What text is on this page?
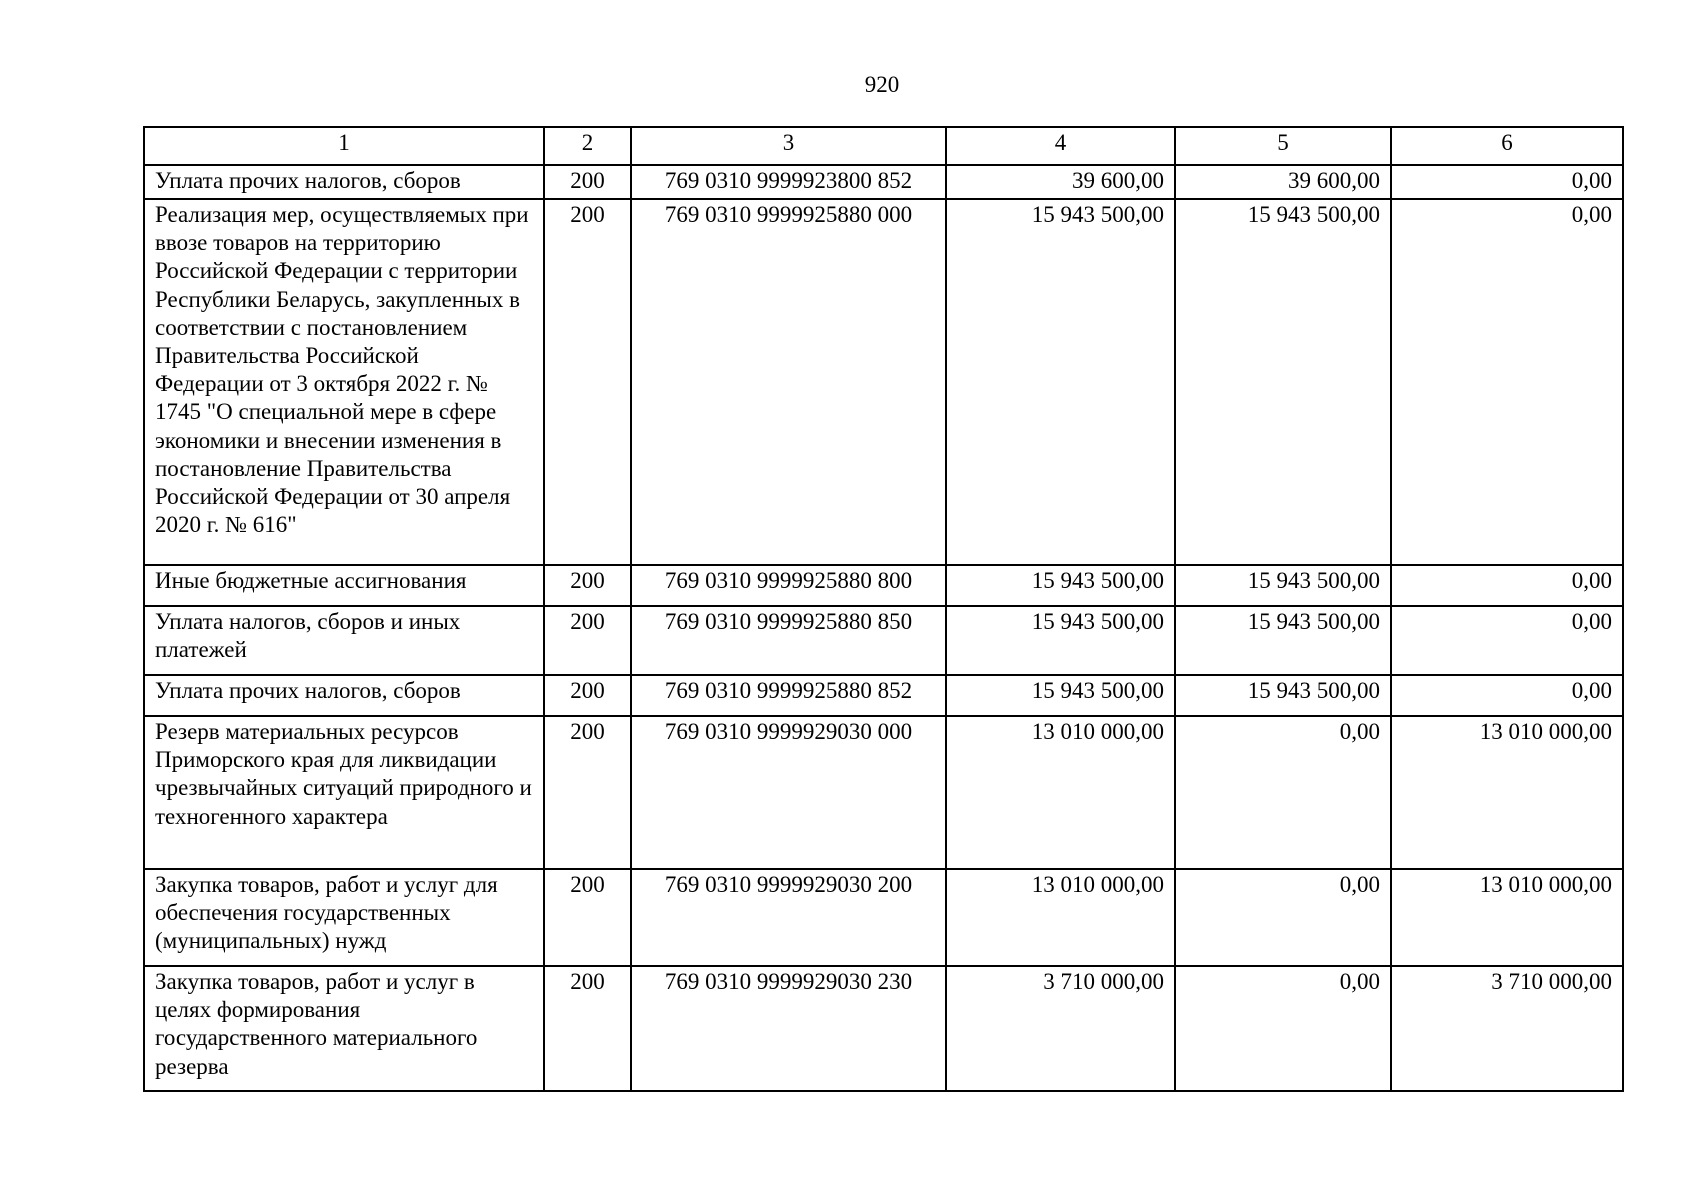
920
1	2	3	4	5	6
Уплата прочих налогов, сборов	200	769 0310 9999923800 852	39 600,00	39 600,00	0,00
Реализация мер, осуществляемых при ввозе товаров на территорию Российской Федерации с территории Республики Беларусь, закупленных в соответствии с постановлением Правительства Российской Федерации от 3 октября 2022 г. № 1745 "О специальной мере в сфере экономики и внесении изменения в постановление Правительства Российской Федерации от 30 апреля 2020 г. № 616"	200	769 0310 9999925880 000	15 943 500,00	15 943 500,00	0,00
Иные бюджетные ассигнования	200	769 0310 9999925880 800	15 943 500,00	15 943 500,00	0,00
Уплата налогов, сборов и иных платежей	200	769 0310 9999925880 850	15 943 500,00	15 943 500,00	0,00
Уплата прочих налогов, сборов	200	769 0310 9999925880 852	15 943 500,00	15 943 500,00	0,00
Резерв материальных ресурсов Приморского края для ликвидации чрезвычайных ситуаций природного и техногенного характера	200	769 0310 9999929030 000	13 010 000,00	0,00	13 010 000,00
Закупка товаров, работ и услуг для обеспечения государственных (муниципальных) нужд	200	769 0310 9999929030 200	13 010 000,00	0,00	13 010 000,00
Закупка товаров, работ и услуг в целях формирования государственного материального резерва	200	769 0310 9999929030 230	3 710 000,00	0,00	3 710 000,00
